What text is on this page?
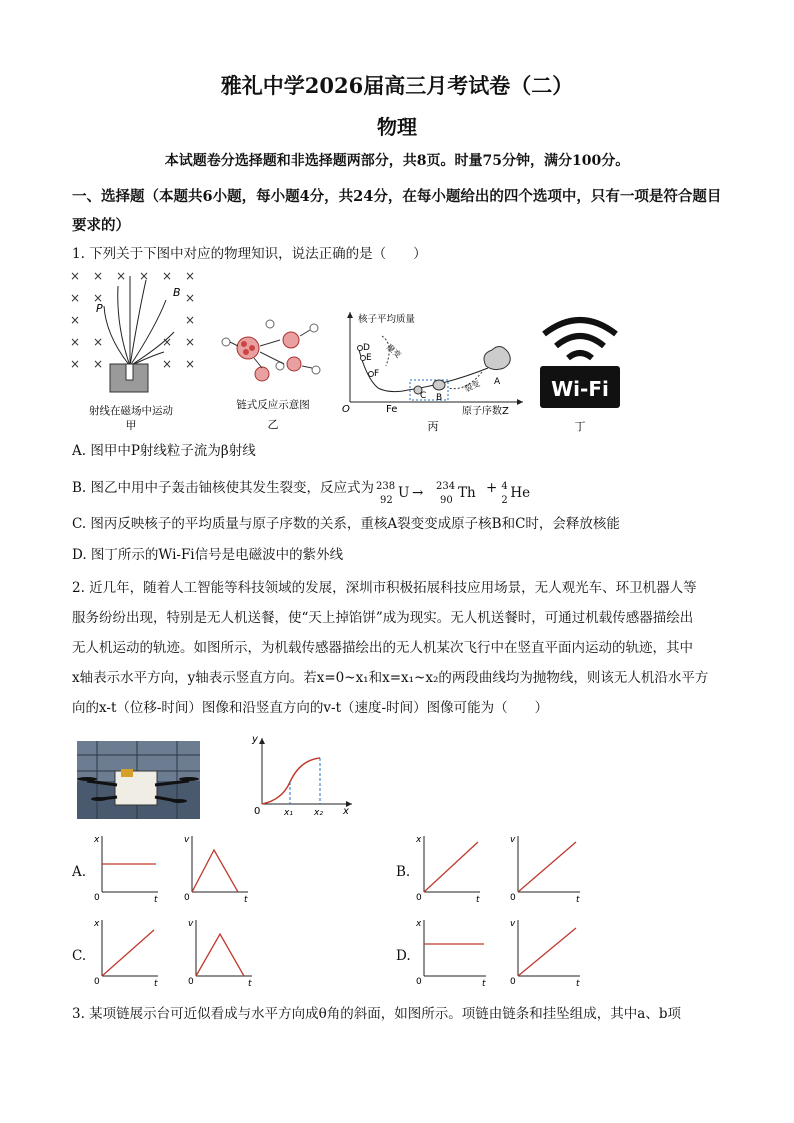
雅礼中学2026届高三月考试卷（二）
物理
本试题卷分选择题和非选择题两部分，共8页。时量75分钟，满分100分。
一、选择题（本题共6小题，每小题4分，共24分，在每小题给出的四个选项中，只有一项是符合题目要求的）
1. 下列关于下图中对应的物理知识，说法正确的是（　　）
× × × × × ×
× ×	×
×	×
× ×	× ×
× ×	× ×
P
B
射线在磁场中运动
甲
链式反应示意图
乙
核子平均质量
O	Fe	原子序数Z
D
E
F
C B
A
聚变
裂变
丙
Wi-Fi
丁
A. 图甲中P射线粒子流为β射线
B. 图乙中用中子轰击铀核使其发生裂变，反应式为 238
92 U → 234
90 Th + 4
2 He
C. 图丙反映核子的平均质量与原子序数的关系，重核A裂变变成原子核B和C时，会释放核能
D. 图丁所示的Wi-Fi信号是电磁波中的紫外线
2. 近几年，随着人工智能等科技领域的发展，深圳市积极拓展科技应用场景，无人观光车、环卫机器人等
服务纷纷出现，特别是无人机送餐，使“天上掉馅饼”成为现实。无人机送餐时，可通过机载传感器描绘出
无人机运动的轨迹。如图所示，为机载传感器描绘出的无人机某次飞行中在竖直平面内运动的轨迹，其中
x轴表示水平方向，y轴表示竖直方向。若x=0~x₁和x=x₁~x₂的两段曲线均为抛物线，则该无人机沿水平方
向的x-t（位移-时间）图像和沿竖直方向的v-t（速度-时间）图像可能为（　　）
y
x
0	x₁ x₂
A.	B.
C.	D.
x
0	t
v
0	t
x
0	t
v
0	t
x
0	t
v
0	t
x
0	t
v
0	t
3. 某项链展示台可近似看成与水平方向成θ角的斜面，如图所示。项链由链条和挂坠组成，其中a、b项
